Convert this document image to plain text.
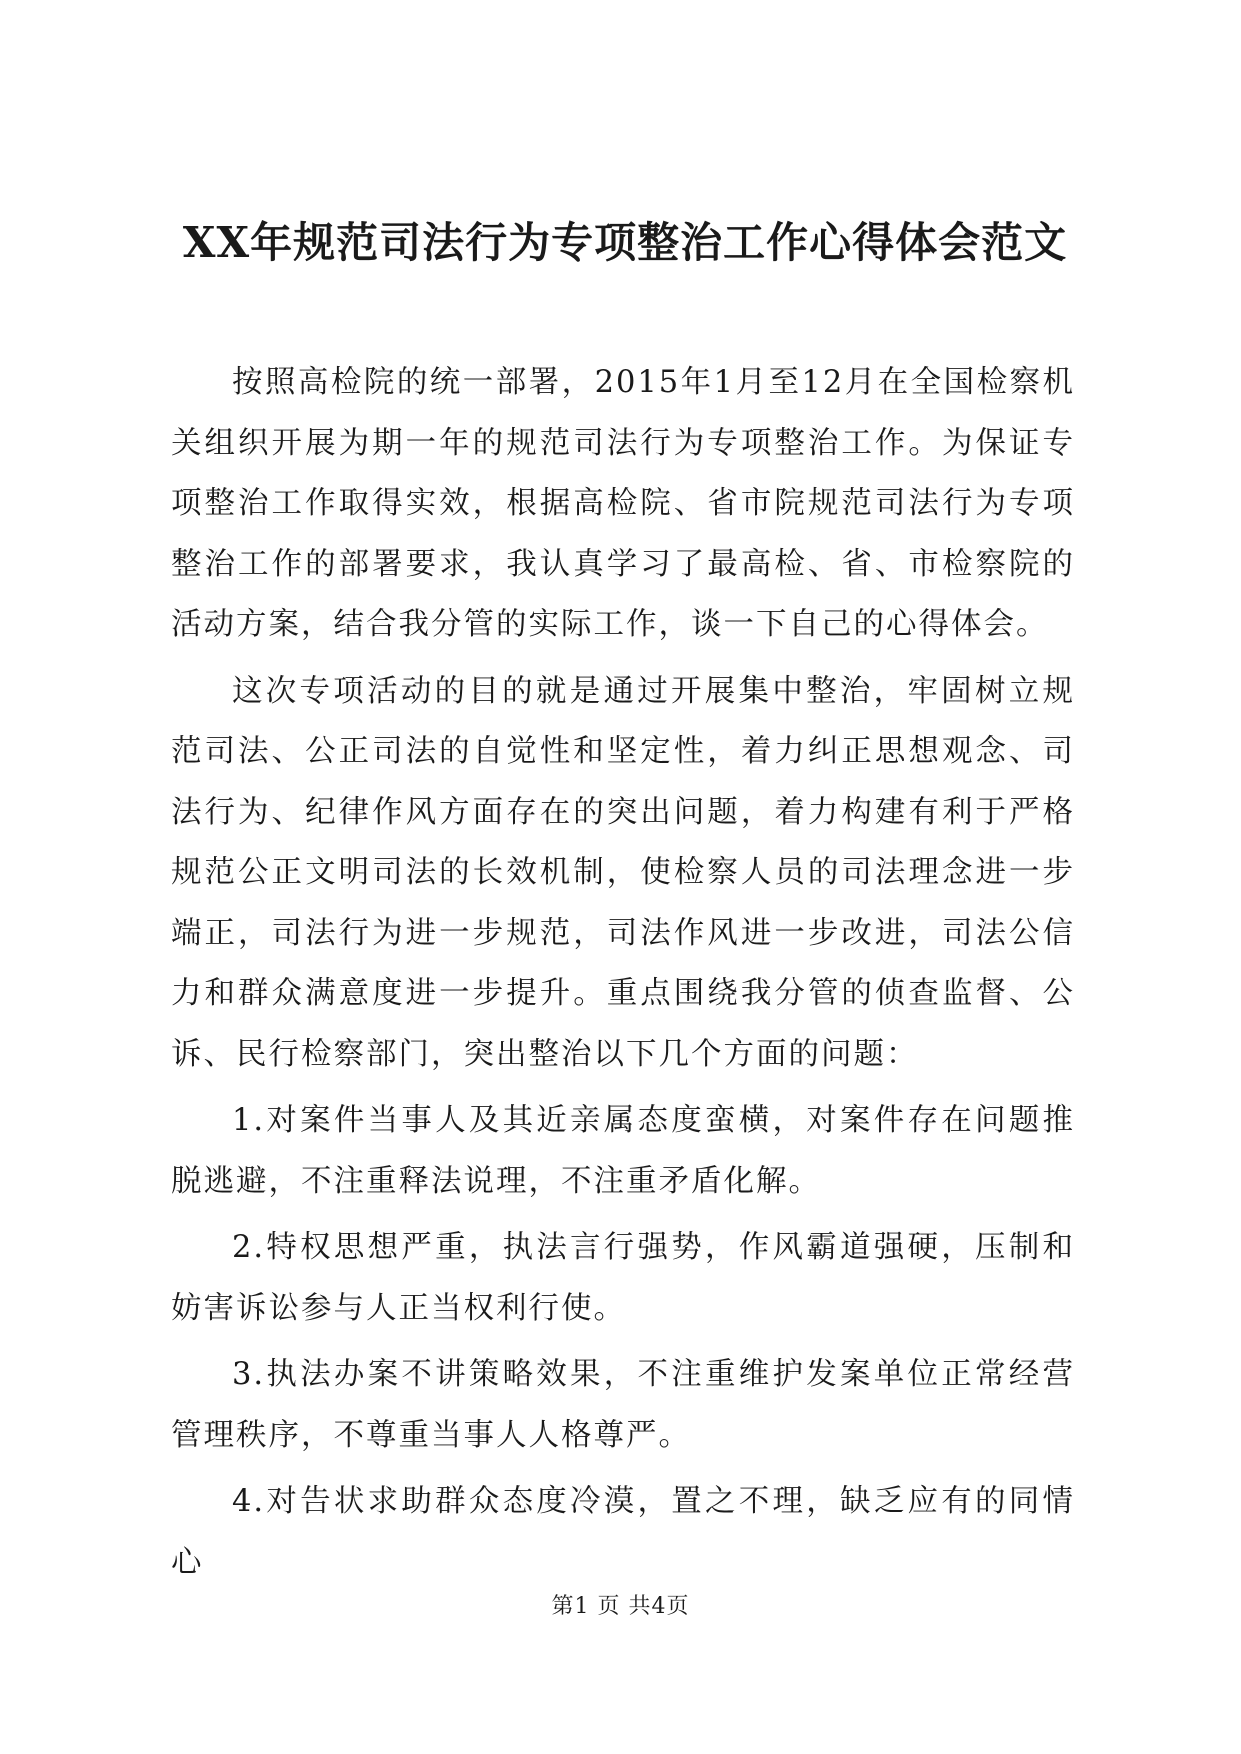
XX年规范司法行为专项整治工作心得体会范文

按照高检院的统一部署，2015年1月至12月在全国检察机关组织开展为期一年的规范司法行为专项整治工作。为保证专项整治工作取得实效，根据高检院、省市院规范司法行为专项整治工作的部署要求，我认真学习了最高检、省、市检察院的活动方案，结合我分管的实际工作，谈一下自己的心得体会。

这次专项活动的目的就是通过开展集中整治，牢固树立规范司法、公正司法的自觉性和坚定性，着力纠正思想观念、司法行为、纪律作风方面存在的突出问题，着力构建有利于严格规范公正文明司法的长效机制，使检察人员的司法理念进一步端正，司法行为进一步规范，司法作风进一步改进，司法公信力和群众满意度进一步提升。重点围绕我分管的侦查监督、公诉、民行检察部门，突出整治以下几个方面的问题：

1.对案件当事人及其近亲属态度蛮横，对案件存在问题推脱逃避，不注重释法说理，不注重矛盾化解。

2.特权思想严重，执法言行强势，作风霸道强硬，压制和妨害诉讼参与人正当权利行使。

3.执法办案不讲策略效果，不注重维护发案单位正常经营管理秩序，不尊重当事人人格尊严。

4.对告状求助群众态度冷漠，置之不理，缺乏应有的同情心

第1 页 共4页
